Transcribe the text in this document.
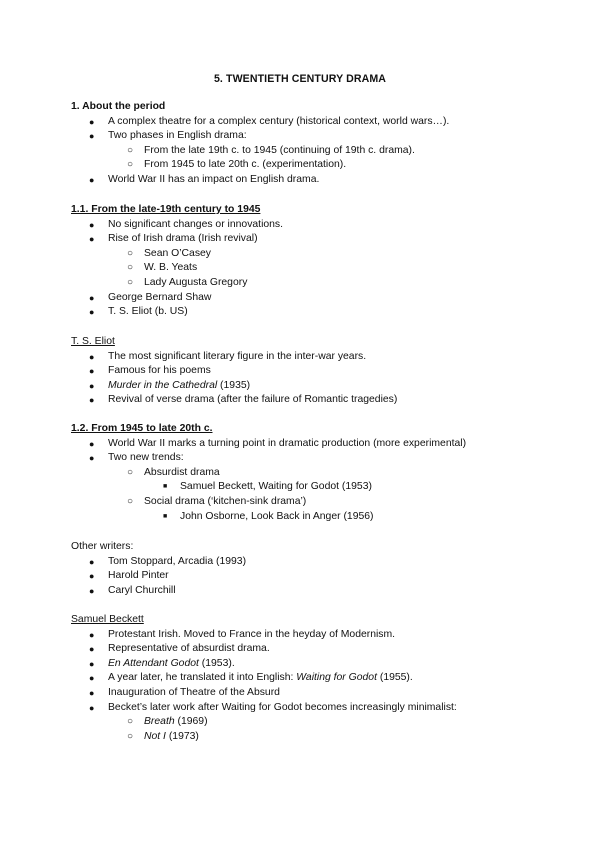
5. TWENTIETH CENTURY DRAMA
1. About the period
● A complex theatre for a complex century (historical context, world wars…).
● Two phases in English drama:
○ From the late 19th c. to 1945 (continuing of 19th c. drama).
○ From 1945 to late 20th c. (experimentation).
● World War II has an impact on English drama.
1.1. From the late-19th century to 1945
● No significant changes or innovations.
● Rise of Irish drama (Irish revival)
○ Sean O’Casey
○ W. B. Yeats
○ Lady Augusta Gregory
● George Bernard Shaw
● T. S. Eliot (b. US)
T. S. Eliot
● The most significant literary figure in the inter-war years.
● Famous for his poems
● Murder in the Cathedral (1935)
● Revival of verse drama (after the failure of Romantic tragedies)
1.2. From 1945 to late 20th c.
● World War II marks a turning point in dramatic production (more experimental)
● Two new trends:
○ Absurdist drama
■ Samuel Beckett, Waiting for Godot (1953)
○ Social drama (‘kitchen-sink drama’)
■ John Osborne, Look Back in Anger (1956)
Other writers:
● Tom Stoppard, Arcadia (1993)
● Harold Pinter
● Caryl Churchill
Samuel Beckett
● Protestant Irish. Moved to France in the heyday of Modernism.
● Representative of absurdist drama.
● En Attendant Godot (1953).
● A year later, he translated it into English: Waiting for Godot (1955).
● Inauguration of Theatre of the Absurd
● Becket’s later work after Waiting for Godot becomes increasingly minimalist:
○ Breath (1969)
○ Not I (1973)
